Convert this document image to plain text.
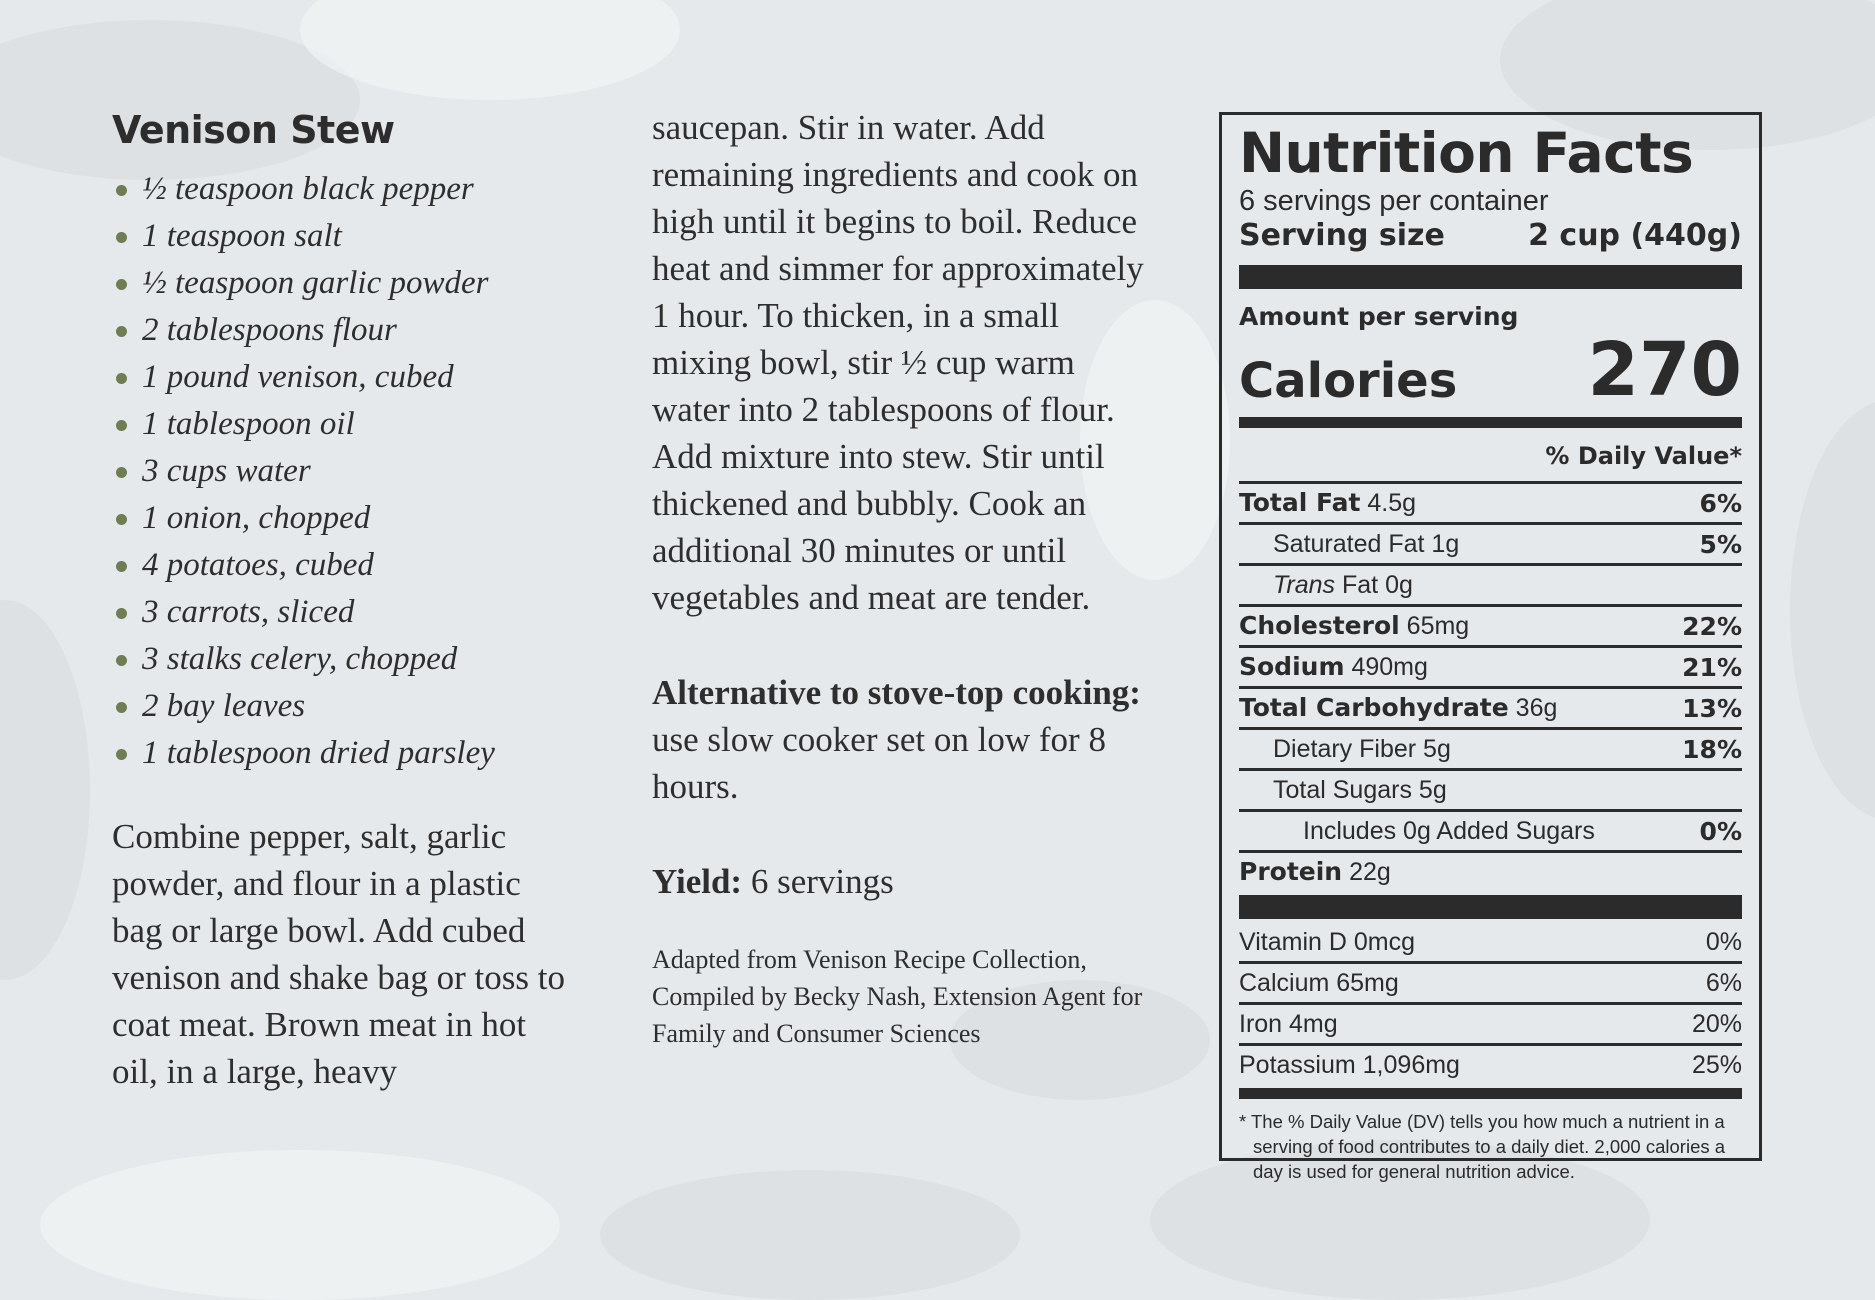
Venison Stew
½ teaspoon black pepper
1 teaspoon salt
½ teaspoon garlic powder
2 tablespoons flour
1 pound venison, cubed
1 tablespoon oil
3 cups water
1 onion, chopped
4 potatoes, cubed
3 carrots, sliced
3 stalks celery, chopped
2 bay leaves
1 tablespoon dried parsley
Combine pepper, salt, garlic powder, and flour in a plastic bag or large bowl. Add cubed venison and shake bag or toss to coat meat. Brown meat in hot oil, in a large, heavy
saucepan. Stir in water. Add remaining ingredients and cook on high until it begins to boil. Reduce heat and simmer for approximately 1 hour. To thicken, in a small mixing bowl, stir ½ cup warm water into 2 tablespoons of flour. Add mixture into stew. Stir until thickened and bubbly. Cook an additional 30 minutes or until vegetables and meat are tender.
Alternative to stove-top cooking: use slow cooker set on low for 8 hours.
Yield: 6 servings
Adapted from Venison Recipe Collection, Compiled by Becky Nash, Extension Agent for Family and Consumer Sciences
Nutrition Facts
6 servings per container
Serving size	2 cup (440g)
Amount per serving
Calories 270
% Daily Value*
Total Fat 4.5g	6%
Saturated Fat 1g	5%
Trans Fat 0g
Cholesterol 65mg	22%
Sodium 490mg	21%
Total Carbohydrate 36g	13%
Dietary Fiber 5g	18%
Total Sugars 5g
Includes 0g Added Sugars	0%
Protein 22g
Vitamin D 0mcg	0%
Calcium 65mg	6%
Iron 4mg	20%
Potassium 1,096mg	25%
* The % Daily Value (DV) tells you how much a nutrient in a serving of food contributes to a daily diet. 2,000 calories a day is used for general nutrition advice.
